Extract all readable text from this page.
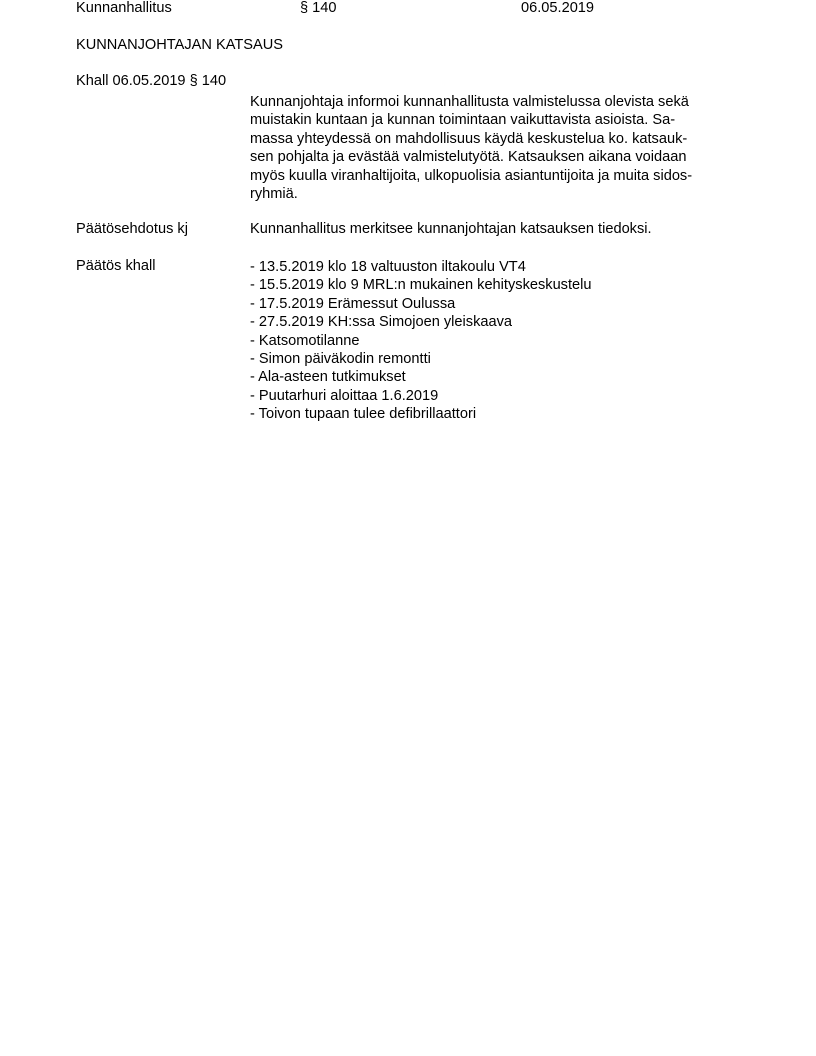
Kunnanhallitus	§ 140	06.05.2019
KUNNANJOHTAJAN KATSAUS
Khall 06.05.2019 § 140
Kunnanjohtaja informoi kunnanhallitusta valmistelussa olevista sekä
muistakin kuntaan ja kunnan toimintaan vaikuttavista asioista. Sa-
massa yhteydessä on mahdollisuus käydä keskustelua ko. katsauk-
sen pohjalta ja evästää valmistelutyötä. Katsauksen aikana voidaan
myös kuulla viranhaltijoita, ulkopuolisia asiantuntijoita ja muita sidos-
ryhmiä.
Päätösehdotus kj	Kunnanhallitus merkitsee kunnanjohtajan katsauksen tiedoksi.
Päätös khall	- 13.5.2019 klo 18 valtuuston iltakoulu VT4
- 15.5.2019 klo 9 MRL:n mukainen kehityskeskustelu
- 17.5.2019 Erämessut Oulussa
- 27.5.2019 KH:ssa Simojoen yleiskaava
- Katsomotilanne
- Simon päiväkodin remontti
- Ala-asteen tutkimukset
- Puutarhuri aloittaa 1.6.2019
- Toivon tupaan tulee defibrillaattori
